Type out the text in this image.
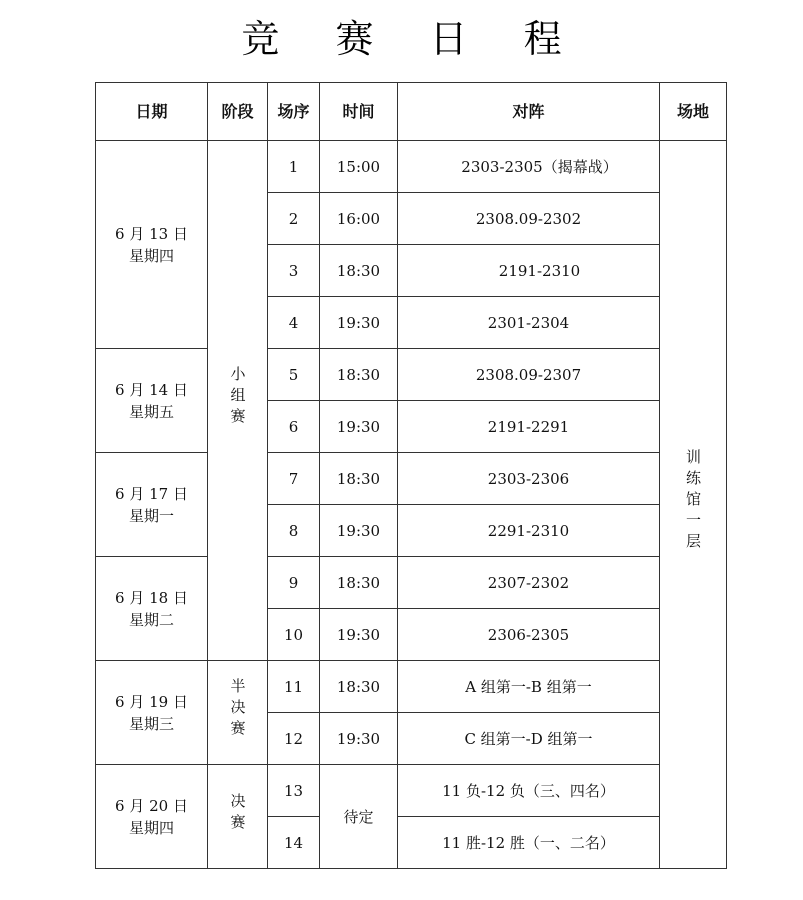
竞 赛 日 程
日期	阶段	场序	时间	对阵	场地

6 月 13 日
星期四	小组赛	1	15:00	2303-2305（揭幕战）	训练馆一层
		2	16:00	2308.09-2302	
		3	18:30	2191-2310	
		4	19:30	2301-2304	

6 月 14 日
星期五		5	18:30	2308.09-2307	
		6	19:30	2191-2291	

6 月 17 日
星期一		7	18:30	2303-2306	
		8	19:30	2291-2310	

6 月 18 日
星期二		9	18:30	2307-2302	
		10	19:30	2306-2305	

6 月 19 日
星期三	半决赛	11	18:30	A 组第一-B 组第一	
		12	19:30	C 组第一-D 组第一	

6 月 20 日
星期四	决赛	13	待定	11 负-12 负（三、四名）	
		14		11 胜-12 胜（一、二名）	
